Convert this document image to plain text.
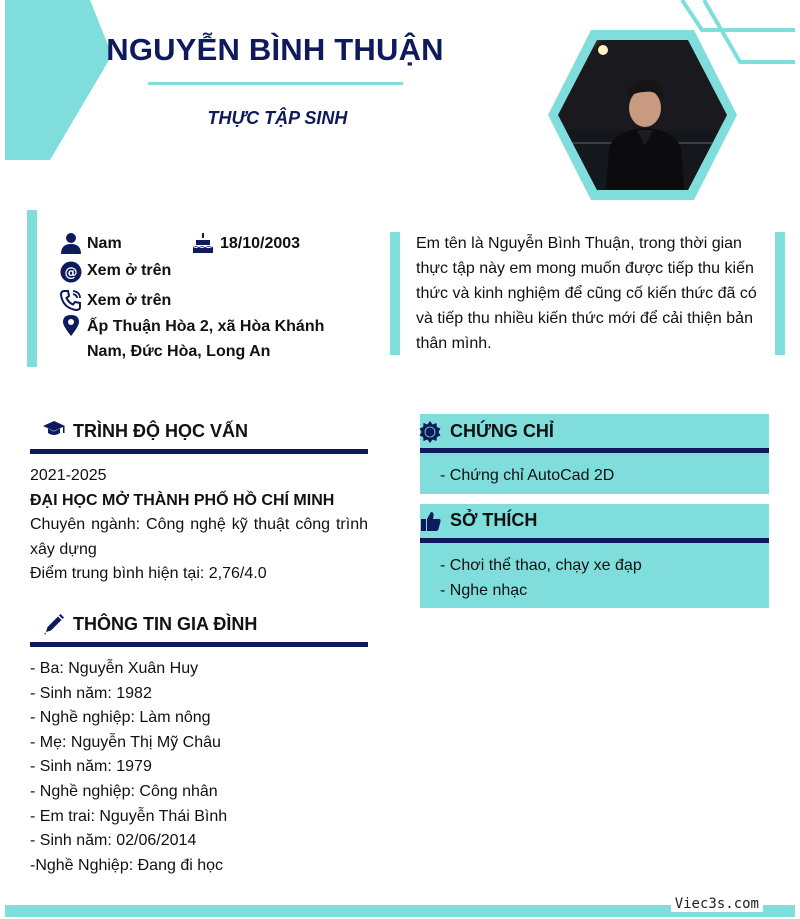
NGUYỄN BÌNH THUẬN
THỰC TẬP SINH
Nam	18/10/2003
@ Xem ở trên
Xem ở trên
Ấp Thuận Hòa 2, xã Hòa Khánh
Nam, Đức Hòa, Long An
Em tên là Nguyễn Bình Thuận, trong thời gian thực tập này em mong muốn được tiếp thu kiến thức và kinh nghiệm để cũng cố kiến thức đã có và tiếp thu nhiều kiến thức mới để cải thiện bản thân mình.
TRÌNH ĐỘ HỌC VẤN
2021-2025
ĐẠI HỌC MỞ THÀNH PHỐ HỒ CHÍ MINH
Chuyên ngành: Công nghệ kỹ thuật công trình xây dựng
Điểm trung bình hiện tại: 2,76/4.0
THÔNG TIN GIA ĐÌNH
- Ba: Nguyễn Xuân Huy
- Sinh năm: 1982
- Nghề nghiệp: Làm nông
- Mẹ: Nguyễn Thị Mỹ Châu
- Sinh năm: 1979
- Nghề nghiệp: Công nhân
- Em trai: Nguyễn Thái Bình
- Sinh năm: 02/06/2014
-Nghề Nghiệp: Đang đi học
CHỨNG CHỈ
- Chứng chỉ AutoCad 2D
SỞ THÍCH
- Chơi thể thao, chạy xe đạp
- Nghe nhạc
Viec3s.com
